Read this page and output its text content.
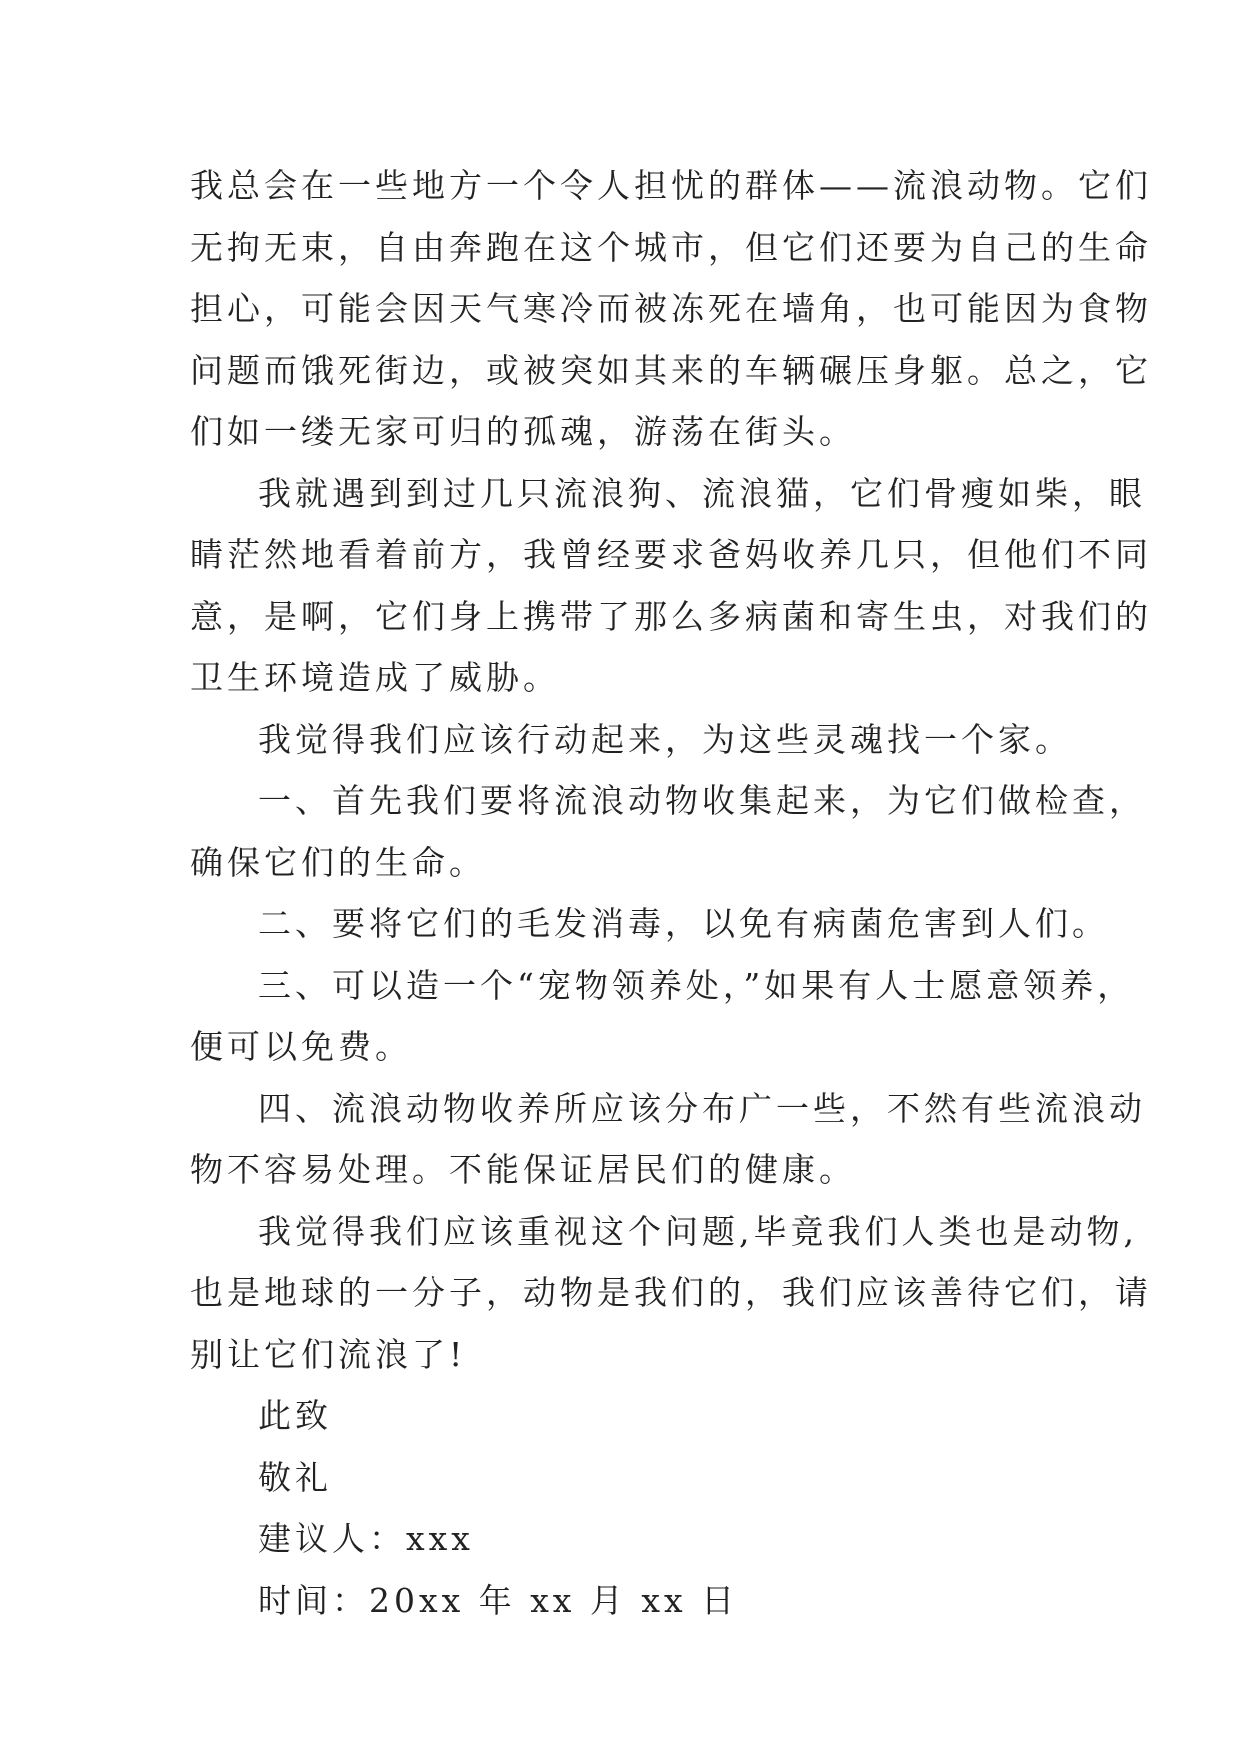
我总会在一些地方一个令人担忧的群体——流浪动物。它们
无拘无束，自由奔跑在这个城市，但它们还要为自己的生命
担心，可能会因天气寒冷而被冻死在墙角，也可能因为食物
问题而饿死街边，或被突如其来的车辆碾压身躯。总之，它
们如一缕无家可归的孤魂，游荡在街头。
我就遇到到过几只流浪狗、流浪猫，它们骨瘦如柴，眼
睛茫然地看着前方，我曾经要求爸妈收养几只，但他们不同
意，是啊，它们身上携带了那么多病菌和寄生虫，对我们的
卫生环境造成了威胁。
我觉得我们应该行动起来，为这些灵魂找一个家。
一、首先我们要将流浪动物收集起来，为它们做检查，
确保它们的生命。
二、要将它们的毛发消毒，以免有病菌危害到人们。
三、可以造一个“宠物领养处，”如果有人士愿意领养，
便可以免费。
四、流浪动物收养所应该分布广一些，不然有些流浪动
物不容易处理。不能保证居民们的健康。
我觉得我们应该重视这个问题,毕竟我们人类也是动物,
也是地球的一分子，动物是我们的，我们应该善待它们，请
别让它们流浪了!
此致
敬礼
建议人：xxx
时间：20xx 年 xx 月 xx 日
